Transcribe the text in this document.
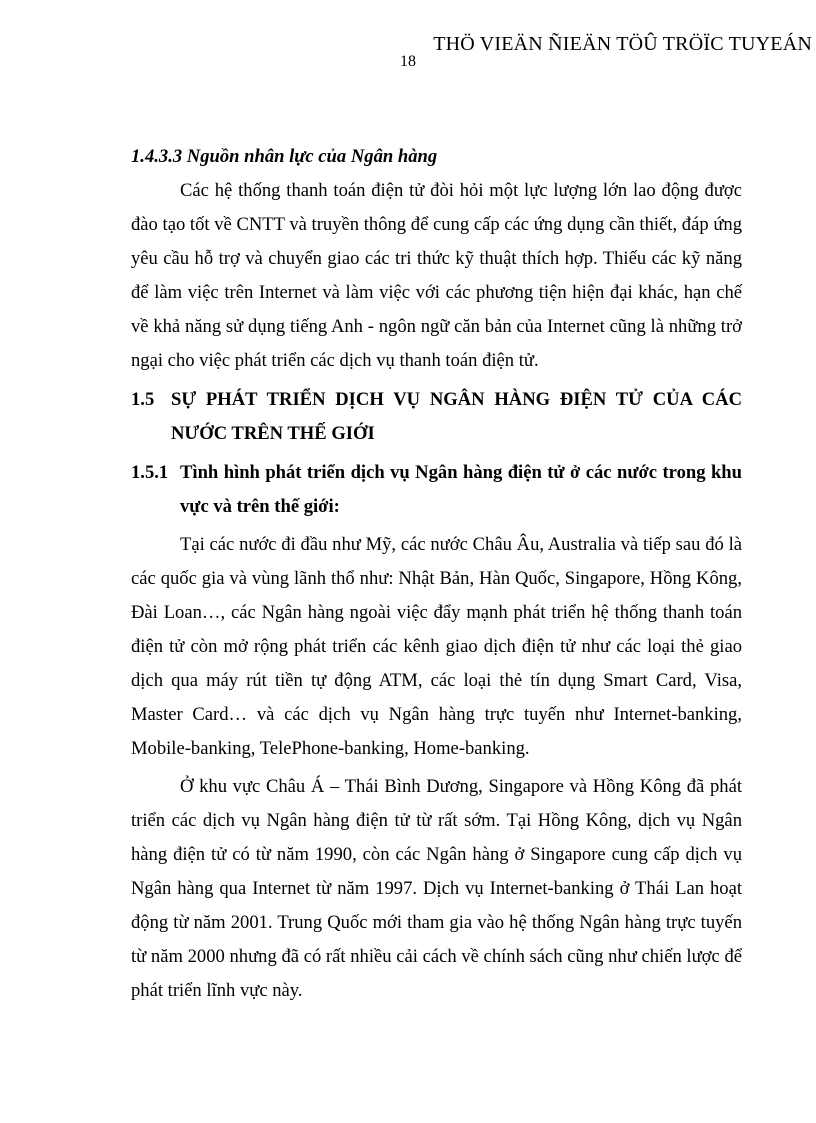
THÖ VIEÄN ÑIEÄN TÖÛ TRÖÏC TUYEÁN
18
1.4.3.3 Nguồn nhân lực của Ngân hàng

Các hệ thống thanh toán điện tử đòi hỏi một lực lượng lớn lao động được đào tạo tốt về CNTT và truyền thông để cung cấp các ứng dụng cần thiết, đáp ứng yêu cầu hỗ trợ và chuyển giao các tri thức kỹ thuật thích hợp. Thiếu các kỹ năng để làm việc trên Internet và làm việc với các phương tiện hiện đại khác, hạn chế về khả năng sử dụng tiếng Anh - ngôn ngữ căn bản của Internet cũng là những trở ngại cho việc phát triển các dịch vụ thanh toán điện tử.

1.5 SỰ PHÁT TRIỂN DỊCH VỤ NGÂN HÀNG ĐIỆN TỬ CỦA CÁC NƯỚC TRÊN THẾ GIỚI
1.5.1 Tình hình phát triển dịch vụ Ngân hàng điện tử ở các nước trong khu vực và trên thế giới:

Tại các nước đi đầu như Mỹ, các nước Châu Âu, Australia và tiếp sau đó là các quốc gia và vùng lãnh thổ như: Nhật Bản, Hàn Quốc, Singapore, Hồng Kông, Đài Loan…, các Ngân hàng ngoài việc đẩy mạnh phát triển hệ thống thanh toán điện tử còn mở rộng phát triển các kênh giao dịch điện tử như các loại thẻ giao dịch qua máy rút tiền tự động ATM, các loại thẻ tín dụng Smart Card, Visa, Master Card… và các dịch vụ Ngân hàng trực tuyến như Internet-banking, Mobile-banking, TelePhone-banking, Home-banking.

Ở khu vực Châu Á – Thái Bình Dương, Singapore và Hồng Kông đã phát triển các dịch vụ Ngân hàng điện tử từ rất sớm. Tại Hồng Kông, dịch vụ Ngân hàng điện tử có từ năm 1990, còn các Ngân hàng ở Singapore cung cấp dịch vụ Ngân hàng qua Internet từ năm 1997. Dịch vụ Internet-banking ở Thái Lan hoạt động từ năm 2001. Trung Quốc mới tham gia vào hệ thống Ngân hàng trực tuyến từ năm 2000 nhưng đã có rất nhiều cải cách về chính sách cũng như chiến lược để phát triển lĩnh vực này.
